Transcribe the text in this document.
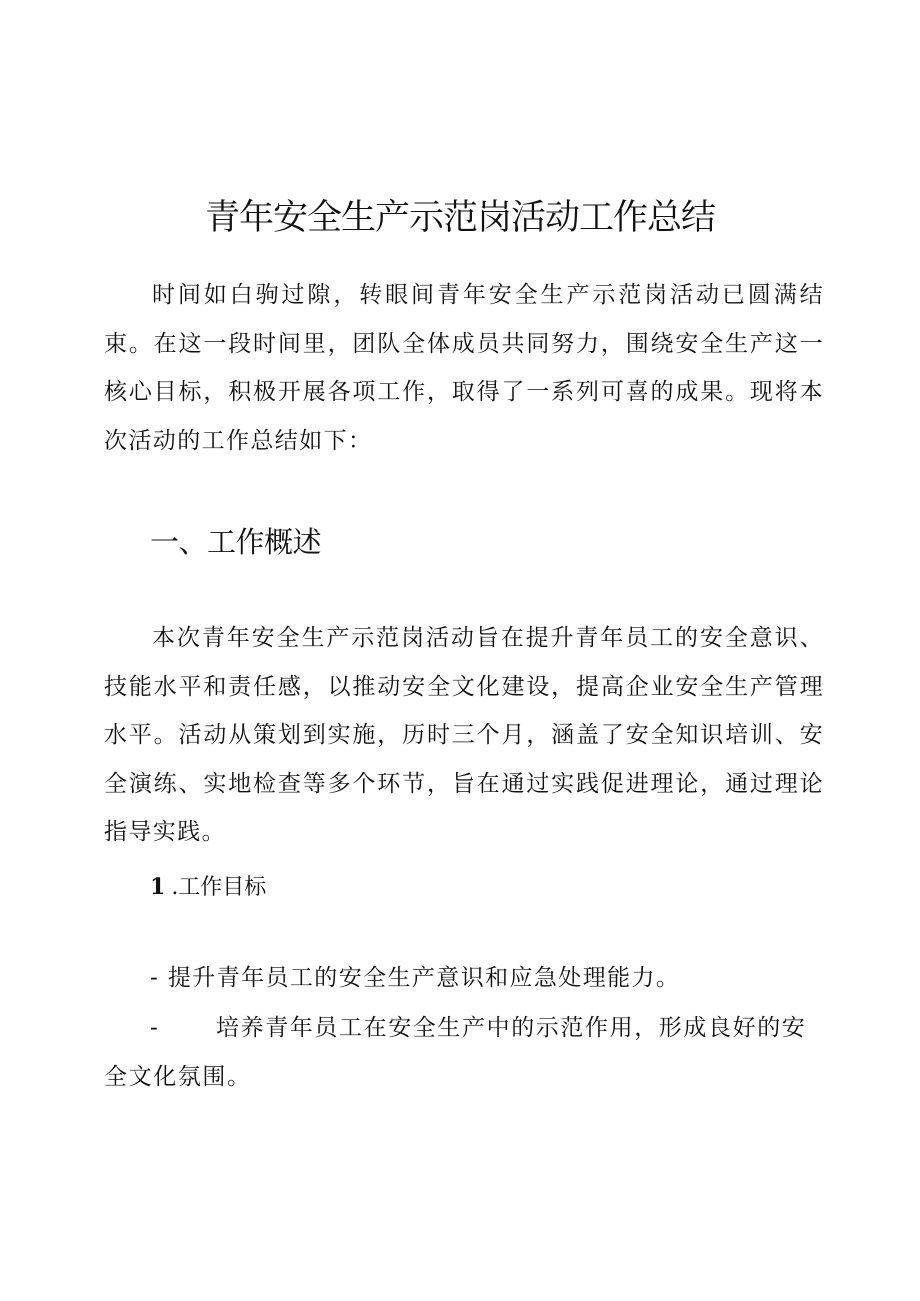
青年安全生产示范岗活动工作总结

时间如白驹过隙，转眼间青年安全生产示范岗活动已圆满结束。在这一段时间里，团队全体成员共同努力，围绕安全生产这一核心目标，积极开展各项工作，取得了一系列可喜的成果。现将本次活动的工作总结如下：

一、工作概述

本次青年安全生产示范岗活动旨在提升青年员工的安全意识、技能水平和责任感，以推动安全文化建设，提高企业安全生产管理水平。活动从策划到实施，历时三个月，涵盖了安全知识培训、安全演练、实地检查等多个环节，旨在通过实践促进理论，通过理论指导实践。

1 .工作目标
- 提升青年员工的安全生产意识和应急处理能力。
- 培养青年员工在安全生产中的示范作用，形成良好的安全文化氛围。
